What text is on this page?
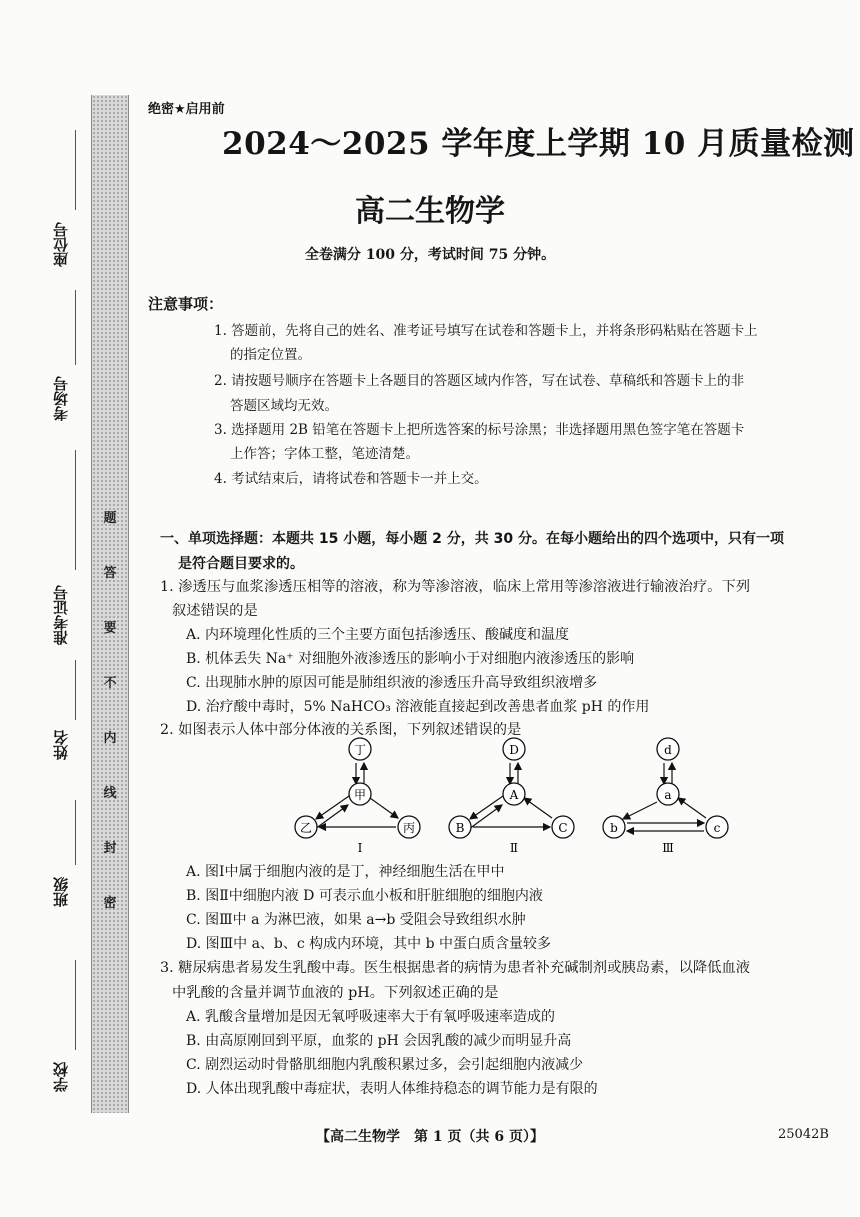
密
封
线
内
不
要
答
题
座位号
考场号
准考证号
姓名
班级
学校
绝密★启用前
2024～2025 学年度上学期 10 月质量检测
高二生物学
全卷满分 100 分，考试时间 75 分钟。
注意事项：
1. 答题前，先将自己的姓名、准考证号填写在试卷和答题卡上，并将条形码粘贴在答题卡上
的指定位置。
2. 请按题号顺序在答题卡上各题目的答题区域内作答，写在试卷、草稿纸和答题卡上的非
答题区域均无效。
3. 选择题用 2B 铅笔在答题卡上把所选答案的标号涂黑；非选择题用黑色签字笔在答题卡
上作答；字体工整，笔迹清楚。
4. 考试结束后，请将试卷和答题卡一并上交。
一、单项选择题：本题共 15 小题，每小题 2 分，共 30 分。在每小题给出的四个选项中，只有一项
是符合题目要求的。
1. 渗透压与血浆渗透压相等的溶液，称为等渗溶液，临床上常用等渗溶液进行输液治疗。下列
叙述错误的是
A. 内环境理化性质的三个主要方面包括渗透压、酸碱度和温度
B. 机体丢失 Na⁺ 对细胞外液渗透压的影响小于对细胞内液渗透压的影响
C. 出现肺水肿的原因可能是肺组织液的渗透压升高导致组织液增多
D. 治疗酸中毒时，5% NaHCO₃ 溶液能直接起到改善患者血浆 pH 的作用
2. 如图表示人体中部分体液的关系图，下列叙述错误的是
丁
甲
乙	丙
Ⅰ
D
A
B	C
Ⅱ
d
a
b	c
Ⅲ
A. 图Ⅰ中属于细胞内液的是丁，神经细胞生活在甲中
B. 图Ⅱ中细胞内液 D 可表示血小板和肝脏细胞的细胞内液
C. 图Ⅲ中 a 为淋巴液，如果 a→b 受阻会导致组织水肿
D. 图Ⅲ中 a、b、c 构成内环境，其中 b 中蛋白质含量较多
3. 糖尿病患者易发生乳酸中毒。医生根据患者的病情为患者补充碱制剂或胰岛素，以降低血液
中乳酸的含量并调节血液的 pH。下列叙述正确的是
A. 乳酸含量增加是因无氧呼吸速率大于有氧呼吸速率造成的
B. 由高原刚回到平原，血浆的 pH 会因乳酸的减少而明显升高
C. 剧烈运动时骨骼肌细胞内乳酸积累过多，会引起细胞内液减少
D. 人体出现乳酸中毒症状，表明人体维持稳态的调节能力是有限的
【高二生物学　第 1 页（共 6 页）】	25042B
